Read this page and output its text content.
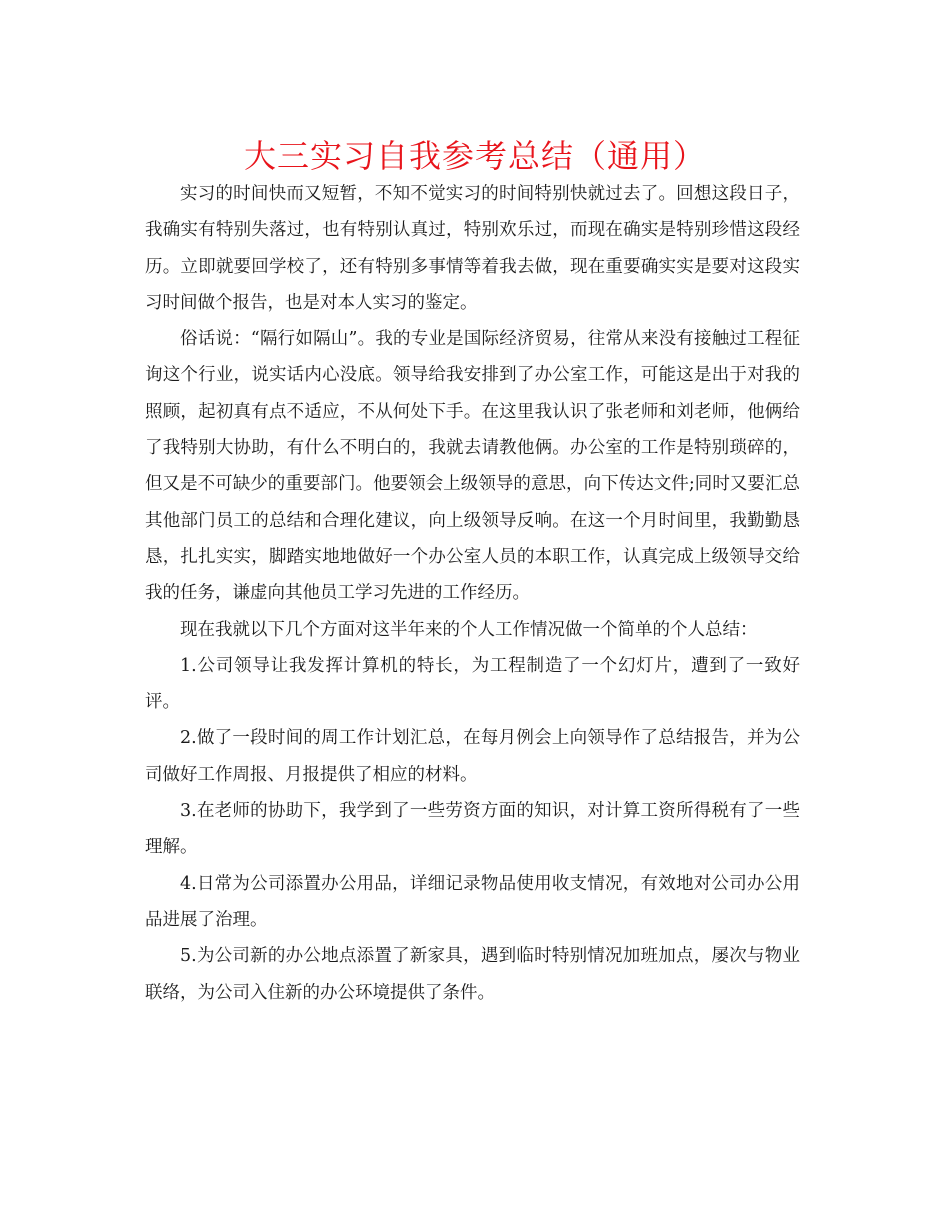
大三实习自我参考总结（通用）

实习的时间快而又短暂，不知不觉实习的时间特别快就过去了。回想这段日子，我确实有特别失落过，也有特别认真过，特别欢乐过，而现在确实是特别珍惜这段经历。立即就要回学校了，还有特别多事情等着我去做，现在重要确实实是要对这段实习时间做个报告，也是对本人实习的鉴定。

俗话说：“隔行如隔山”。我的专业是国际经济贸易，往常从来没有接触过工程征询这个行业，说实话内心没底。领导给我安排到了办公室工作，可能这是出于对我的照顾，起初真有点不适应，不从何处下手。在这里我认识了张老师和刘老师，他俩给了我特别大协助，有什么不明白的，我就去请教他俩。办公室的工作是特别琐碎的，但又是不可缺少的重要部门。他要领会上级领导的意思，向下传达文件;同时又要汇总其他部门员工的总结和合理化建议，向上级领导反响。在这一个月时间里，我勤勤恳恳，扎扎实实，脚踏实地地做好一个办公室人员的本职工作，认真完成上级领导交给我的任务，谦虚向其他员工学习先进的工作经历。

现在我就以下几个方面对这半年来的个人工作情况做一个简单的个人总结：

1.公司领导让我发挥计算机的特长，为工程制造了一个幻灯片，遭到了一致好评。

2.做了一段时间的周工作计划汇总，在每月例会上向领导作了总结报告，并为公司做好工作周报、月报提供了相应的材料。

3.在老师的协助下，我学到了一些劳资方面的知识，对计算工资所得税有了一些理解。

4.日常为公司添置办公用品，详细记录物品使用收支情况，有效地对公司办公用品进展了治理。

5.为公司新的办公地点添置了新家具，遇到临时特别情况加班加点，屡次与物业联络，为公司入住新的办公环境提供了条件。
